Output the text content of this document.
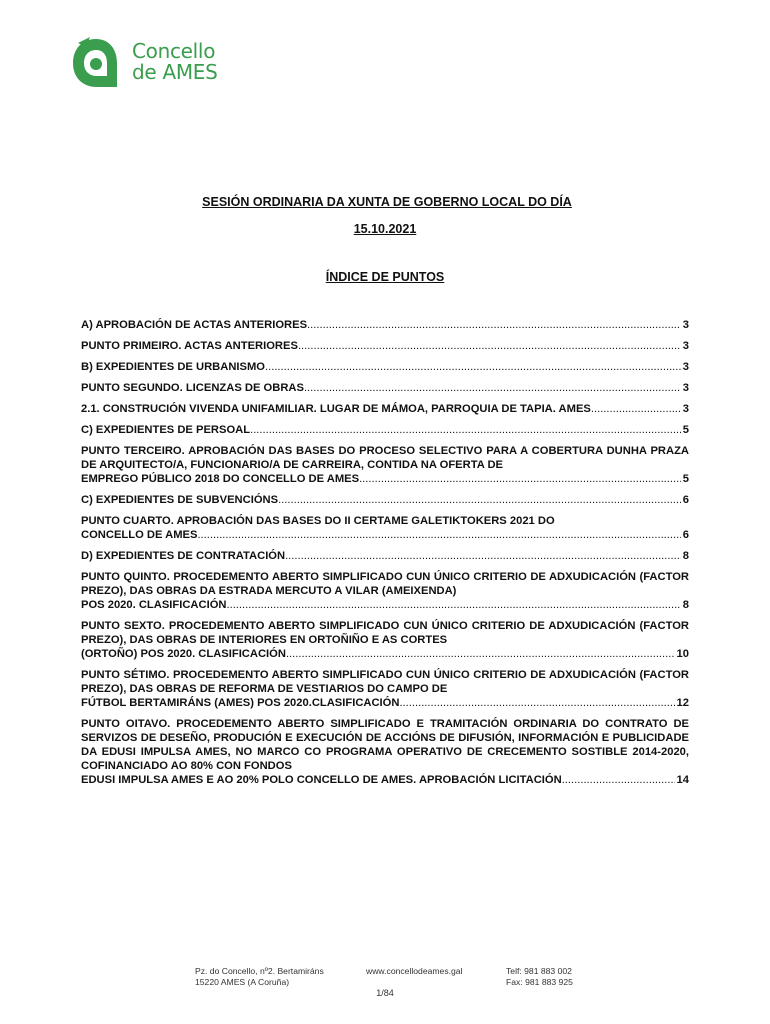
Concello
de AMES
SESIÓN ORDINARIA DA XUNTA DE GOBERNO LOCAL DO DÍA
15.10.2021
ÍNDICE DE PUNTOS
A) APROBACIÓN DE ACTAS ANTERIORES .....	3
PUNTO PRIMEIRO. ACTAS ANTERIORES .....	3
B) EXPEDIENTES DE URBANISMO .....	3
PUNTO SEGUNDO. LICENZAS DE OBRAS .....	3
2.1. CONSTRUCIÓN VIVENDA UNIFAMILIAR. LUGAR DE MÁMOA, PARROQUIA DE TAPIA. AMES .....	3
C) EXPEDIENTES DE PERSOAL .....	5
PUNTO TERCEIRO. APROBACIÓN DAS BASES DO PROCESO SELECTIVO PARA A COBERTURA DUNHA PRAZA DE ARQUITECTO/A, FUNCIONARIO/A DE CARREIRA, CONTIDA NA OFERTA DE
EMPREGO PÚBLICO 2018 DO CONCELLO DE AMES .....	5
C) EXPEDIENTES DE SUBVENCIÓNS .....	6
PUNTO CUARTO. APROBACIÓN DAS BASES DO II CERTAME GALETIKTOKERS 2021 DO
CONCELLO DE AMES .....	6
D) EXPEDIENTES DE CONTRATACIÓN .....	8
PUNTO QUINTO. PROCEDEMENTO ABERTO SIMPLIFICADO CUN ÚNICO CRITERIO DE ADXUDICACIÓN (FACTOR PREZO), DAS OBRAS DA ESTRADA MERCUTO A VILAR (AMEIXENDA)
POS 2020. CLASIFICACIÓN .....	8
PUNTO SEXTO. PROCEDEMENTO ABERTO SIMPLIFICADO CUN ÚNICO CRITERIO DE ADXUDICACIÓN (FACTOR PREZO), DAS OBRAS DE INTERIORES EN ORTOÑIÑO E AS CORTES
(ORTOÑO) POS 2020. CLASIFICACIÓN .....	10
PUNTO SÉTIMO. PROCEDEMENTO ABERTO SIMPLIFICADO CUN ÚNICO CRITERIO DE ADXUDICACIÓN (FACTOR PREZO), DAS OBRAS DE REFORMA DE VESTIARIOS DO CAMPO DE
FÚTBOL BERTAMIRÁNS (AMES) POS 2020.CLASIFICACIÓN .....	12
PUNTO OITAVO. PROCEDEMENTO ABERTO SIMPLIFICADO E TRAMITACIÓN ORDINARIA DO CONTRATO DE SERVIZOS DE DESEÑO, PRODUCIÓN E EXECUCIÓN DE ACCIÓNS DE DIFUSIÓN, INFORMACIÓN E PUBLICIDADE DA EDUSI IMPULSA AMES, NO MARCO CO PROGRAMA OPERATIVO DE CRECEMENTO SOSTIBLE 2014-2020, COFINANCIADO AO 80% CON FONDOS
EDUSI IMPULSA AMES E AO 20% POLO CONCELLO DE AMES. APROBACIÓN LICITACIÓN .....	14
Pz. do Concello, nº2. Bertamiráns
15220 AMES (A Coruña)
www.concellodeames.gal	Telf: 981 883 002
Fax: 981 883 925
1/84
